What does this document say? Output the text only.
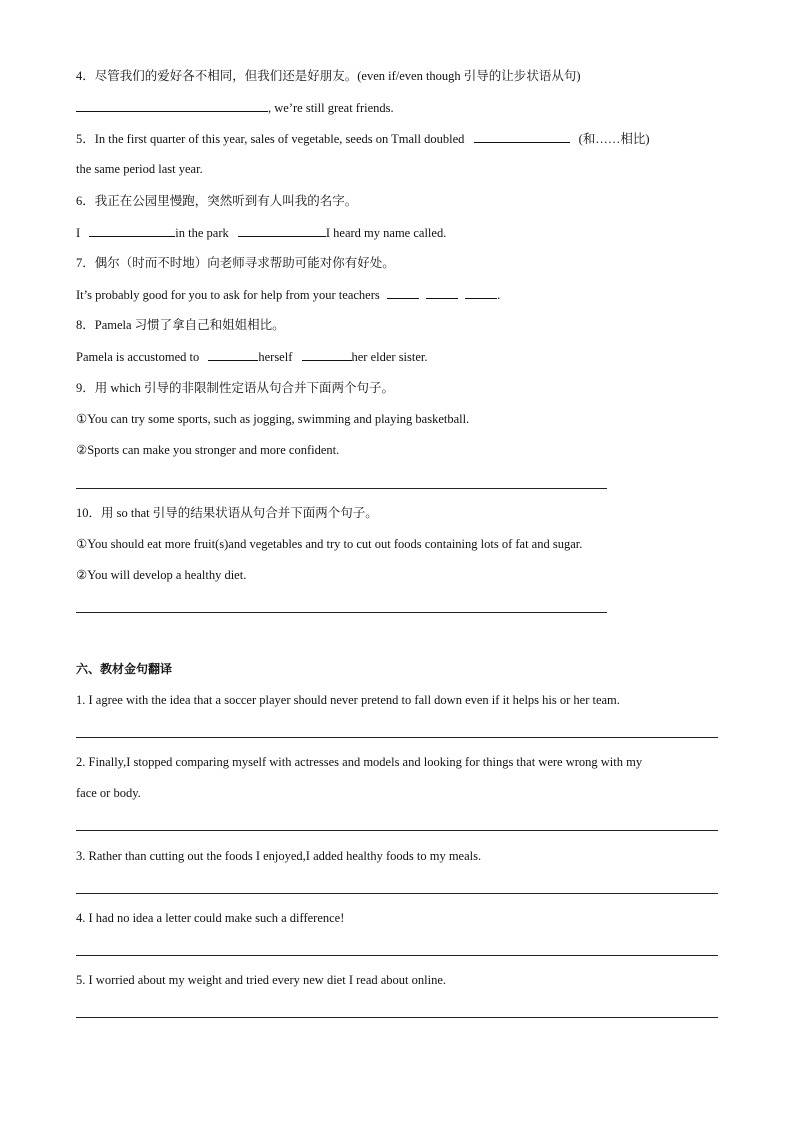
4．尽管我们的爱好各不相同，但我们还是好朋友。(even if/even though 引导的让步状语从句)
, we’re still great friends.
5．In the first quarter of this year, sales of vegetable, seeds on Tmall doubled	(和……相比)
the same period last year.
6．我正在公园里慢跑，突然听到有人叫我的名字。
I	in the park	I heard my name called.
7．偶尔（时而不时地）向老师寻求帮助可能对你有好处。
It’s probably good for you to ask for help from your teachers	.
8．Pamela 习惯了拿自己和姐姐相比。
Pamela is accustomed to	herself	her elder sister.
9．用 which 引导的非限制性定语从句合并下面两个句子。
①You can try some sports, such as jogging, swimming and playing basketball.
②Sports can make you stronger and more confident.
10．用 so that 引导的结果状语从句合并下面两个句子。
①You should eat more fruit(s)and vegetables and try to cut out foods containing lots of fat and sugar.
②You will develop a healthy diet.
六、教材金句翻译
1. I agree with the idea that a soccer player should never pretend to fall down even if it helps his or her team.
2. Finally,I stopped comparing myself with actresses and models and looking for things that were wrong with my
face or body.
3. Rather than cutting out the foods I enjoyed,I added healthy foods to my meals.
4. I had no idea a letter could make such a difference!
5. I worried about my weight and tried every new diet I read about online.
